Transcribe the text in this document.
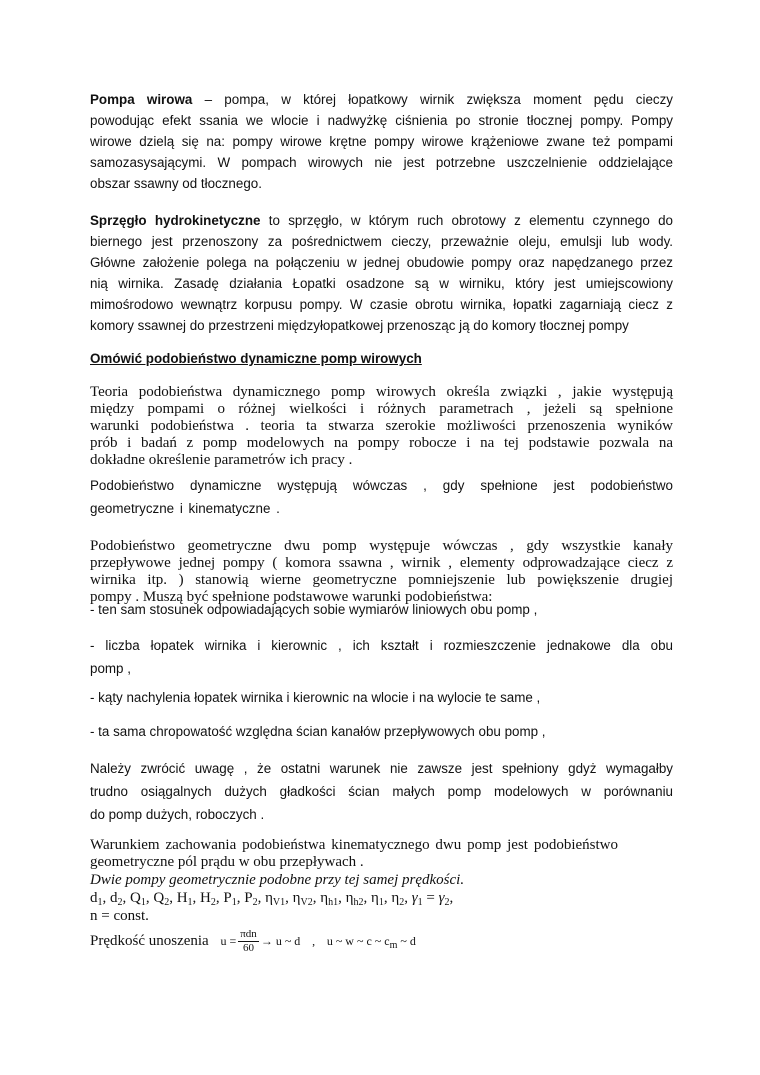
Pompa wirowa – pompa, w której łopatkowy wirnik zwiększa moment pędu cieczy
powodując efekt ssania we wlocie i nadwyżkę ciśnienia po stronie tłocznej pompy. Pompy
wirowe dzielą się na: pompy wirowe krętne pompy wirowe krążeniowe zwane też pompami
samozasysającymi. W pompach wirowych nie jest potrzebne uszczelnienie oddzielające
obszar ssawny od tłocznego.
Sprzęgło hydrokinetyczne to sprzęgło, w którym ruch obrotowy z elementu czynnego do
biernego jest przenoszony za pośrednictwem cieczy, przeważnie oleju, emulsji lub wody.
Główne założenie polega na połączeniu w jednej obudowie pompy oraz napędzanego przez
nią wirnika. Zasadę działania Łopatki osadzone są w wirniku, który jest umiejscowiony
mimośrodowo wewnątrz korpusu pompy. W czasie obrotu wirnika, łopatki zagarniają ciecz z
komory ssawnej do przestrzeni międzyłopatkowej przenosząc ją do komory tłocznej pompy
Omówić podobieństwo dynamiczne pomp wirowych
Teoria podobieństwa dynamicznego pomp wirowych określa związki , jakie występują
między pompami o różnej wielkości i różnych parametrach , jeżeli są spełnione
warunki podobieństwa . teoria ta stwarza szerokie możliwości przenoszenia wyników
prób i badań z pomp modelowych na pompy robocze i na tej podstawie pozwala na
dokładne określenie parametrów ich pracy .
Podobieństwo dynamiczne występują wówczas , gdy spełnione jest podobieństwo
geometryczne i kinematyczne .
Podobieństwo geometryczne dwu pomp występuje wówczas , gdy wszystkie kanały
przepływowe jednej pompy ( komora ssawna , wirnik , elementy odprowadzające ciecz z
wirnika itp. ) stanowią wierne geometryczne pomniejszenie lub powiększenie drugiej
pompy . Muszą być spełnione podstawowe warunki podobieństwa:
- ten sam stosunek odpowiadających sobie wymiarów liniowych obu pomp ,
- liczba łopatek wirnika i kierownic , ich kształt i rozmieszczenie jednakowe dla obu
pomp ,
- kąty nachylenia łopatek wirnika i kierownic na wlocie i na wylocie te same ,
- ta sama chropowatość względna ścian kanałów przepływowych obu pomp ,
Należy zwrócić uwagę , że ostatni warunek nie zawsze jest spełniony gdyż wymagałby
trudno osiągalnych dużych gładkości ścian małych pomp modelowych w porównaniu
do pomp dużych, roboczych .
Warunkiem zachowania podobieństwa kinematycznego dwu pomp jest podobieństwo
geometryczne pól prądu w obu przepływach .
Dwie pompy geometrycznie podobne przy tej samej prędkości.
$d_1$, $d_2$, $Q_1$, $Q_2$, $H_1$, $H_2$, $P_1$, $P_2$, $\eta_{V1}$, $\eta_{V2}$, $\eta_{h1}$, $\eta_{h2}$, $\eta_1$, $\eta_2$, $\gamma_1 = \gamma_2$,
n = const.
Prędkość unoszenia $u = \frac{\text{πdn}}{60} \to u$ ~ d , u ~ w ~ c ~ $c_m$ ~ d
